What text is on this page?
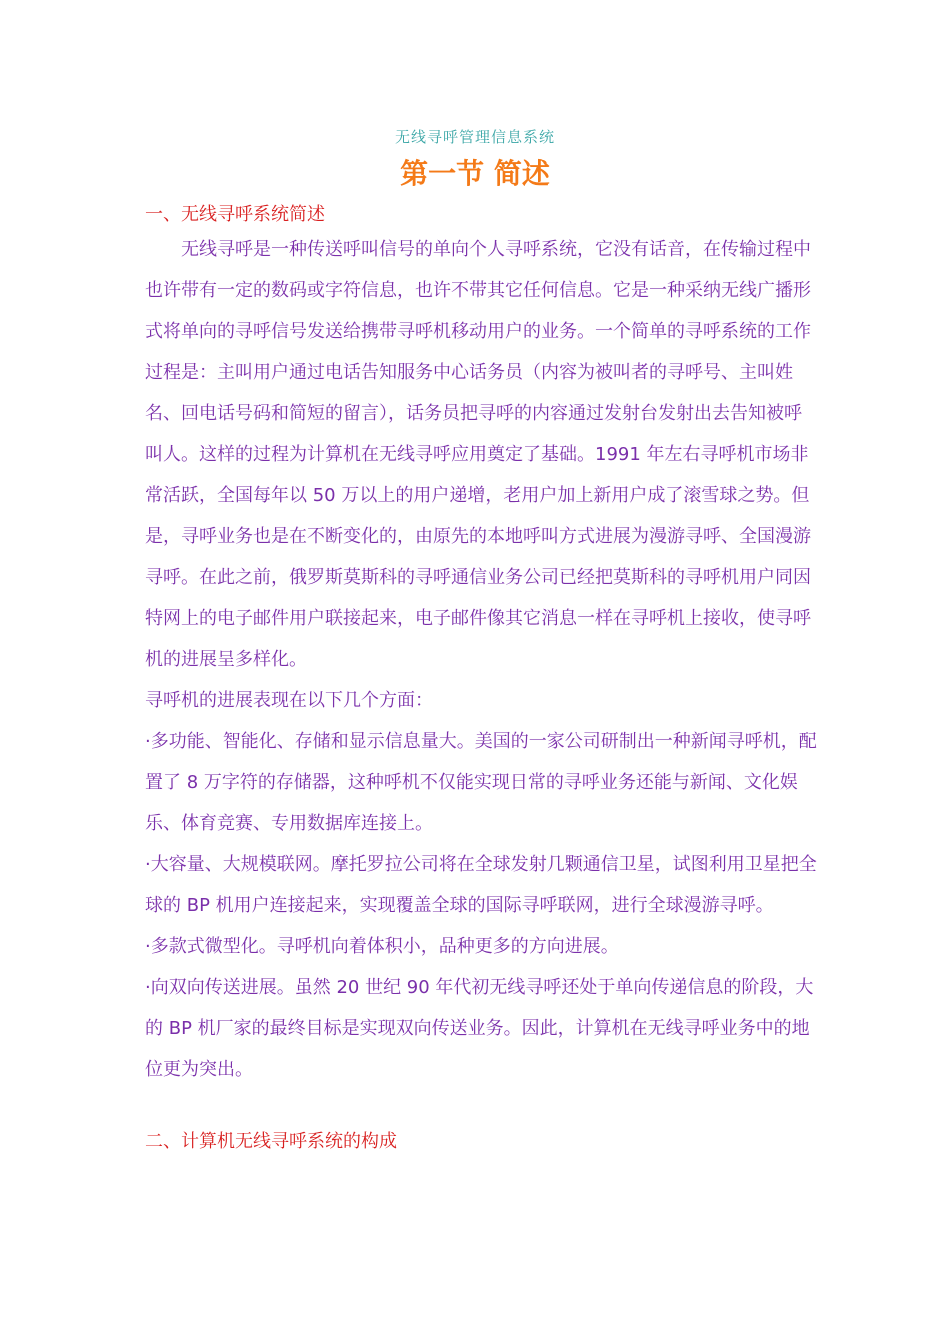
无线寻呼管理信息系统
第一节 简述
一、无线寻呼系统简述

无线寻呼是一种传送呼叫信号的单向个人寻呼系统，它没有话音，在传输过程中也许带有一定的数码或字符信息，也许不带其它任何信息。它是一种采纳无线广播形式将单向的寻呼信号发送给携带寻呼机移动用户的业务。一个简单的寻呼系统的工作过程是：主叫用户通过电话告知服务中心话务员（内容为被叫者的寻呼号、主叫姓名、回电话号码和简短的留言），话务员把寻呼的内容通过发射台发射出去告知被呼叫人。这样的过程为计算机在无线寻呼应用奠定了基础。1991 年左右寻呼机市场非常活跃，全国每年以 50 万以上的用户递增，老用户加上新用户成了滚雪球之势。但是，寻呼业务也是在不断变化的，由原先的本地呼叫方式进展为漫游寻呼、全国漫游寻呼。在此之前，俄罗斯莫斯科的寻呼通信业务公司已经把莫斯科的寻呼机用户同因特网上的电子邮件用户联接起来，电子邮件像其它消息一样在寻呼机上接收，使寻呼机的进展呈多样化。

寻呼机的进展表现在以下几个方面：

·多功能、智能化、存储和显示信息量大。美国的一家公司研制出一种新闻寻呼机，配置了 8 万字符的存储器，这种呼机不仅能实现日常的寻呼业务还能与新闻、文化娱乐、体育竞赛、专用数据库连接上。

·大容量、大规模联网。摩托罗拉公司将在全球发射几颗通信卫星，试图利用卫星把全球的 BP 机用户连接起来，实现覆盖全球的国际寻呼联网，进行全球漫游寻呼。

·多款式微型化。寻呼机向着体积小，品种更多的方向进展。

·向双向传送进展。虽然 20 世纪 90 年代初无线寻呼还处于单向传递信息的阶段，大的 BP 机厂家的最终目标是实现双向传送业务。因此，计算机在无线寻呼业务中的地位更为突出。

二、计算机无线寻呼系统的构成
